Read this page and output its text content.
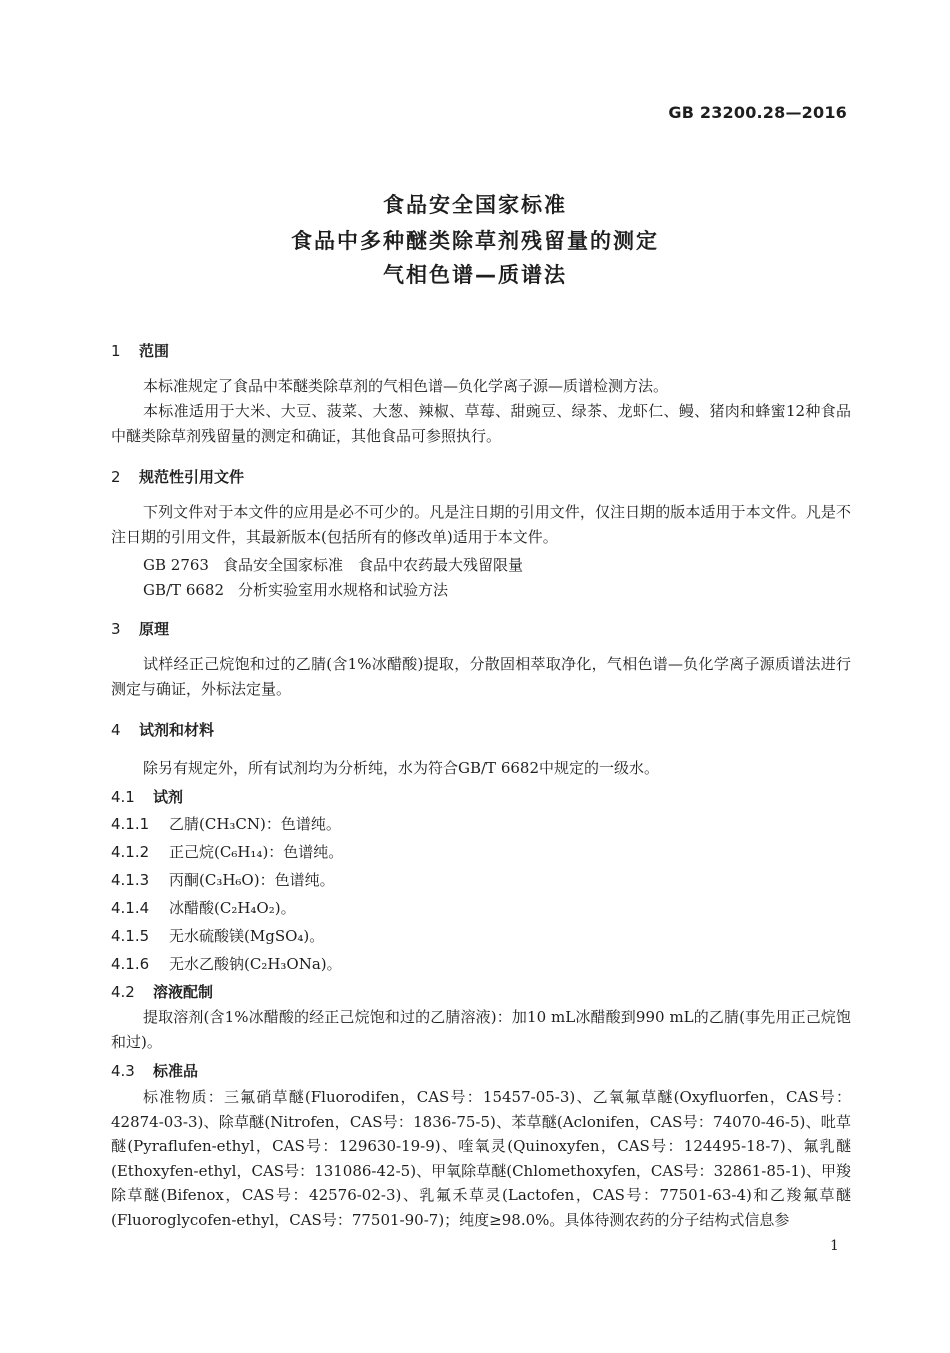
GB 23200.28—2016
食品安全国家标准
食品中多种醚类除草剂残留量的测定
气相色谱—质谱法
1 范围
本标准规定了食品中苯醚类除草剂的气相色谱—负化学离子源—质谱检测方法。
本标准适用于大米、大豆、菠菜、大葱、辣椒、草莓、甜豌豆、绿茶、龙虾仁、鳗、猪肉和蜂蜜12种食品中醚类除草剂残留量的测定和确证，其他食品可参照执行。
2 规范性引用文件
下列文件对于本文件的应用是必不可少的。凡是注日期的引用文件，仅注日期的版本适用于本文件。凡是不注日期的引用文件，其最新版本(包括所有的修改单)适用于本文件。
GB 2763 食品安全国家标准　食品中农药最大残留限量
GB/T 6682 分析实验室用水规格和试验方法
3 原理
试样经正己烷饱和过的乙腈(含1%冰醋酸)提取，分散固相萃取净化，气相色谱—负化学离子源质谱法进行测定与确证，外标法定量。
4 试剂和材料
除另有规定外，所有试剂均为分析纯，水为符合GB/T 6682中规定的一级水。
4.1 试剂
4.1.1 乙腈(CH₃CN)：色谱纯。
4.1.2 正己烷(C₆H₁₄)：色谱纯。
4.1.3 丙酮(C₃H₆O)：色谱纯。
4.1.4 冰醋酸(C₂H₄O₂)。
4.1.5 无水硫酸镁(MgSO₄)。
4.1.6 无水乙酸钠(C₂H₃ONa)。
4.2 溶液配制
提取溶剂(含1%冰醋酸的经正己烷饱和过的乙腈溶液)：加10 mL冰醋酸到990 mL的乙腈(事先用正己烷饱和过)。
4.3 标准品
标准物质：三氟硝草醚(Fluorodifen，CAS号：15457-05-3)、乙氧氟草醚(Oxyfluorfen，CAS号：42874-03-3)、除草醚(Nitrofen，CAS号：1836-75-5)、苯草醚(Aclonifen，CAS号：74070-46-5)、吡草醚(Pyraflufen-ethyl，CAS号：129630-19-9)、喹氧灵(Quinoxyfen，CAS号：124495-18-7)、氟乳醚(Ethoxyfen-ethyl，CAS号：131086-42-5)、甲氧除草醚(Chlomethoxyfen，CAS号：32861-85-1)、甲羧除草醚(Bifenox，CAS号：42576-02-3)、乳氟禾草灵(Lactofen，CAS号：77501-63-4)和乙羧氟草醚(Fluoroglycofen-ethyl，CAS号：77501-90-7)；纯度≥98.0%。具体待测农药的分子结构式信息参
1
